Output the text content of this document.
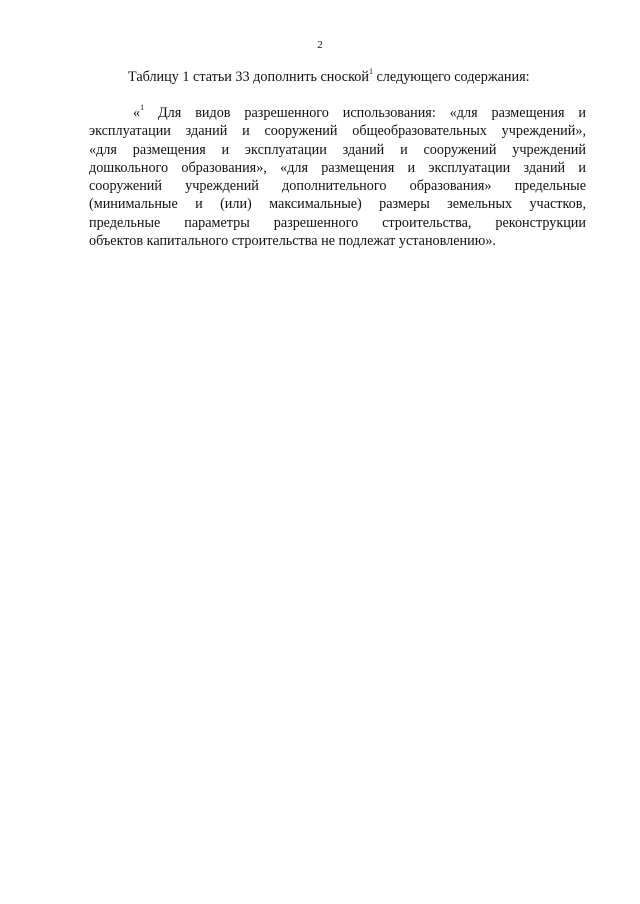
2

Таблицу 1 статьи 33 дополнить сноской$^1$ следующего содержания:

«$^1$ Для видов разрешенного использования: «для размещения и
эксплуатации зданий и сооружений общеобразовательных учреждений»,
«для размещения и эксплуатации зданий и сооружений учреждений
дошкольного образования», «для размещения и эксплуатации зданий и
сооружений учреждений дополнительного образования» предельные
(минимальные и (или) максимальные) размеры земельных участков,
предельные параметры разрешенного строительства, реконструкции
объектов капитального строительства не подлежат установлению».
